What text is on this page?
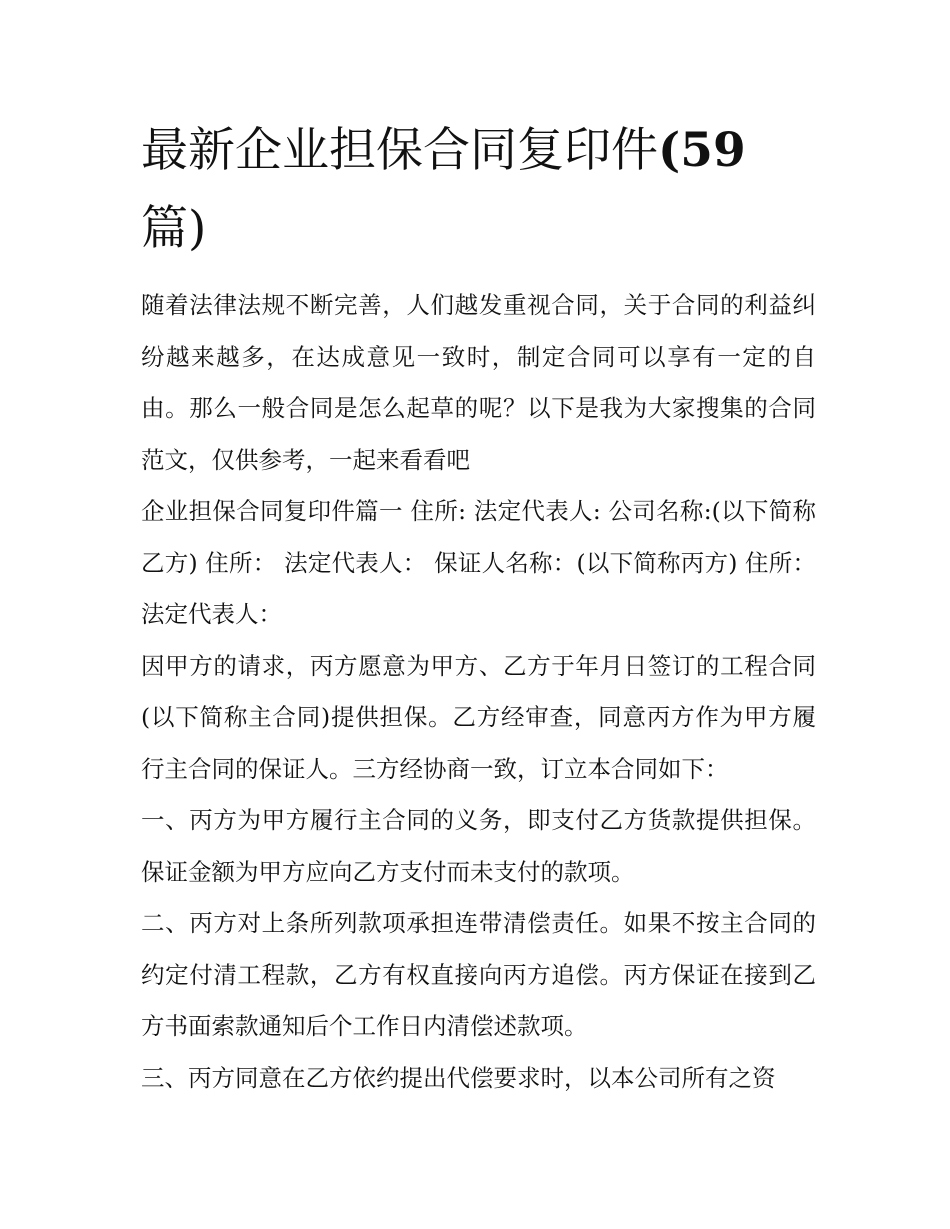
最新企业担保合同复印件(59
篇)

随着法律法规不断完善，人们越发重视合同，关于合同的利益纠纷越来越多，在达成意见一致时，制定合同可以享有一定的自由。那么一般合同是怎么起草的呢？以下是我为大家搜集的合同范文，仅供参考，一起来看看吧

企业担保合同复印件篇一 住所: 法定代表人: 公司名称:(以下简称乙方) 住所： 法定代表人： 保证人名称：(以下简称丙方) 住所： 法定代表人：

因甲方的请求，丙方愿意为甲方、乙方于年月日签订的工程合同(以下简称主合同)提供担保。乙方经审查，同意丙方作为甲方履行主合同的保证人。三方经协商一致，订立本合同如下：

一、丙方为甲方履行主合同的义务，即支付乙方货款提供担保。保证金额为甲方应向乙方支付而未支付的款项。

二、丙方对上条所列款项承担连带清偿责任。如果不按主合同的约定付清工程款，乙方有权直接向丙方追偿。丙方保证在接到乙方书面索款通知后个工作日内清偿述款项。

三、丙方同意在乙方依约提出代偿要求时，以本公司所有之资
